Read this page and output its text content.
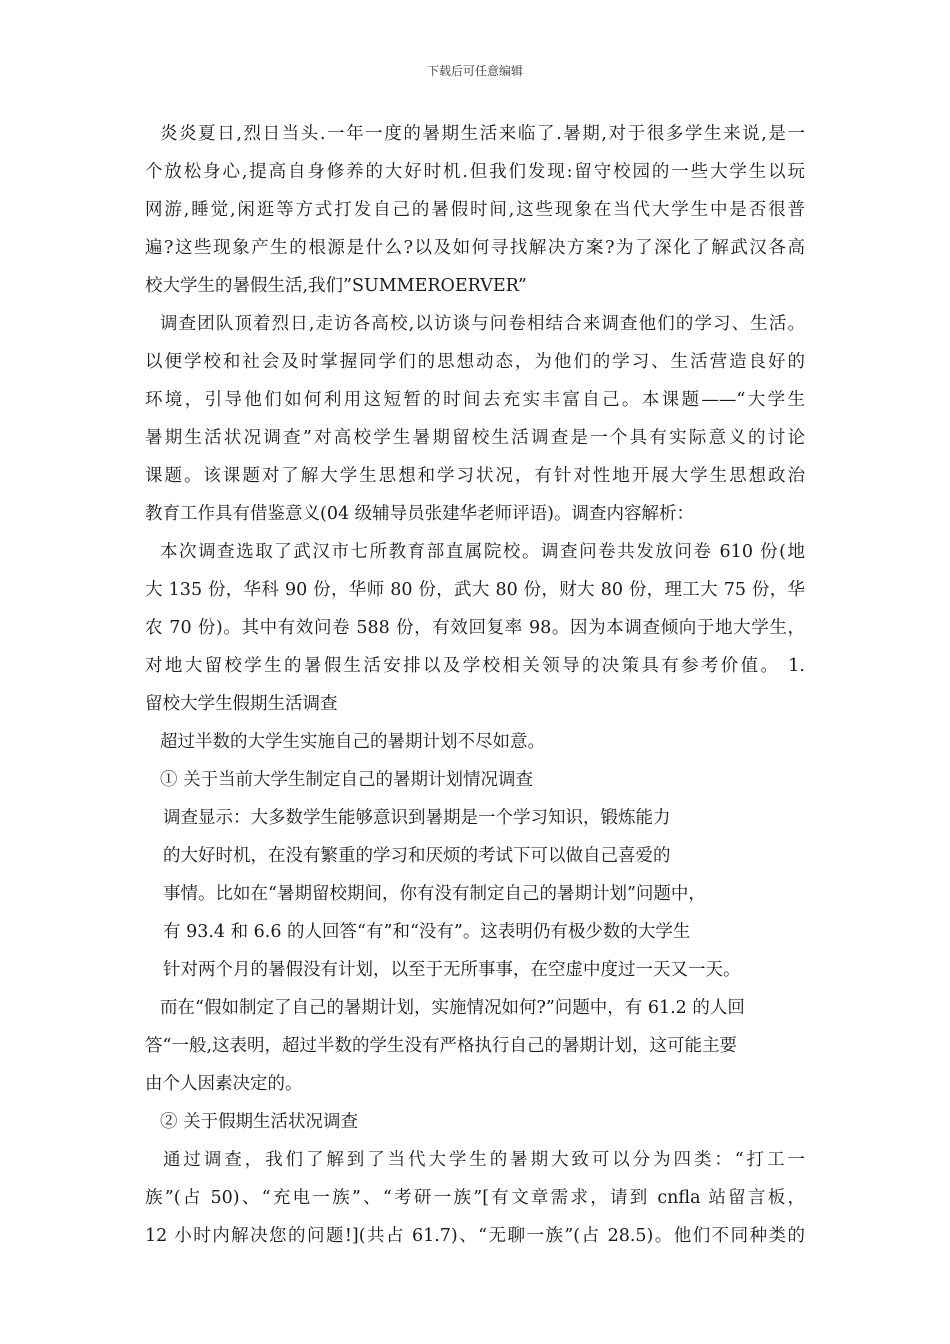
下载后可任意编辑
炎炎夏日,烈日当头.一年一度的暑期生活来临了.暑期,对于很多学生来说,是一
个放松身心,提高自身修养的大好时机.但我们发现:留守校园的一些大学生以玩
网游,睡觉,闲逛等方式打发自己的暑假时间,这些现象在当代大学生中是否很普
遍?这些现象产生的根源是什么?以及如何寻找解决方案?为了深化了解武汉各高
校大学生的暑假生活,我们”SUMMEROERVER”
调查团队顶着烈日,走访各高校,以访谈与问卷相结合来调查他们的学习、生活。
以便学校和社会及时掌握同学们的思想动态，为他们的学习、生活营造良好的
环境，引导他们如何利用这短暂的时间去充实丰富自己。本课题——“大学生
暑期生活状况调查”对高校学生暑期留校生活调查是一个具有实际意义的讨论
课题。该课题对了解大学生思想和学习状况，有针对性地开展大学生思想政治
教育工作具有借鉴意义(04 级辅导员张建华老师评语)。调查内容解析：
本次调查选取了武汉市七所教育部直属院校。调查问卷共发放问卷 610 份(地
大 135 份，华科 90 份，华师 80 份，武大 80 份，财大 80 份，理工大 75 份，华
农 70 份)。其中有效问卷 588 份，有效回复率 98。因为本调查倾向于地大学生，
对地大留校学生的暑假生活安排以及学校相关领导的决策具有参考价值。 1.
留校大学生假期生活调查
超过半数的大学生实施自己的暑期计划不尽如意。
① 关于当前大学生制定自己的暑期计划情况调查
调查显示：大多数学生能够意识到暑期是一个学习知识，锻炼能力
的大好时机，在没有繁重的学习和厌烦的考试下可以做自己喜爱的
事情。比如在“暑期留校期间，你有没有制定自己的暑期计划”问题中，
有 93.4 和 6.6 的人回答“有”和“没有”。这表明仍有极少数的大学生
针对两个月的暑假没有计划，以至于无所事事，在空虚中度过一天又一天。
而在“假如制定了自己的暑期计划，实施情况如何?”问题中，有 61.2 的人回
答“一般,这表明，超过半数的学生没有严格执行自己的暑期计划，这可能主要
由个人因素决定的。
② 关于假期生活状况调查
通过调查，我们了解到了当代大学生的暑期大致可以分为四类：“打工一
族”(占 50)、“充电一族”、“考研一族”[有文章需求，请到 cnfla 站留言板，
12 小时内解决您的问题!](共占 61.7)、“无聊一族”(占 28.5)。他们不同种类的
